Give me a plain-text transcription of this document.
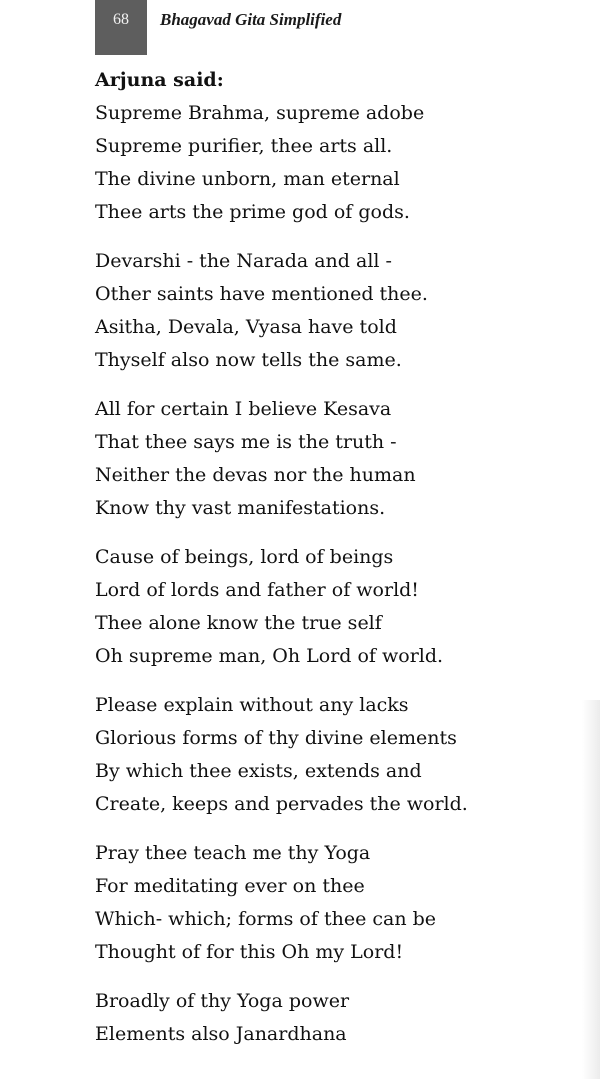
68 Bhagavad Gita Simplified
Arjuna said:
Supreme Brahma, supreme adobe
Supreme purifier, thee arts all.
The divine unborn, man eternal
Thee arts the prime god of gods.
Devarshi - the Narada and all -
Other saints have mentioned thee.
Asitha, Devala, Vyasa have told
Thyself also now tells the same.
All for certain I believe Kesava
That thee says me is the truth -
Neither the devas nor the human
Know thy vast manifestations.
Cause of beings, lord of beings
Lord of lords and father of world!
Thee alone know the true self
Oh supreme man, Oh Lord of world.
Please explain without any lacks
Glorious forms of thy divine elements
By which thee exists, extends and
Create, keeps and pervades the world.
Pray thee teach me thy Yoga
For meditating ever on thee
Which- which; forms of thee can be
Thought of for this Oh my Lord!
Broadly of thy Yoga power
Elements also Janardhana
